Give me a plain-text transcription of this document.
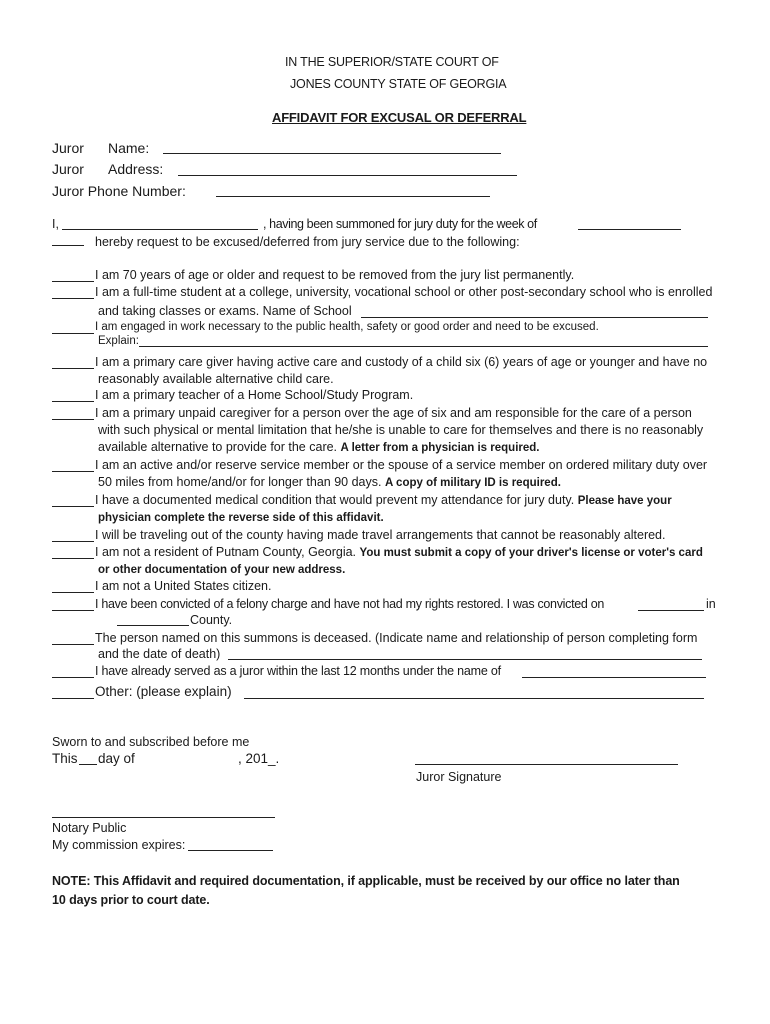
IN THE SUPERIOR/STATE COURT OF
JONES COUNTY STATE OF GEORGIA
AFFIDAVIT FOR EXCUSAL OR DEFERRAL
Juror Name:
Juror Address:
Juror Phone Number:
I,	, having been summoned for jury duty for the week of
hereby request to be excused/deferred from jury service due to the following:
I am 70 years of age or older and request to be removed from the jury list permanently.
I am a full-time student at a college, university, vocational school or other post-secondary school who is enrolled
and taking classes or exams. Name of School
I am engaged in work necessary to the public health, safety or good order and need to be excused.
Explain:
I am a primary care giver having active care and custody of a child six (6) years of age or younger and have no
reasonably available alternative child care.
I am a primary teacher of a Home School/Study Program.
I am a primary unpaid caregiver for a person over the age of six and am responsible for the care of a person
with such physical or mental limitation that he/she is unable to care for themselves and there is no reasonably
available alternative to provide for the care. A letter from a physician is required.
I am an active and/or reserve service member or the spouse of a service member on ordered military duty over
50 miles from home/and/or for longer than 90 days. A copy of military ID is required.
I have a documented medical condition that would prevent my attendance for jury duty. Please have your
physician complete the reverse side of this affidavit.
I will be traveling out of the county having made travel arrangements that cannot be reasonably altered.
I am not a resident of Putnam County, Georgia. You must submit a copy of your driver's license or voter's card
or other documentation of your new address.
I am not a United States citizen.
I have been convicted of a felony charge and have not had my rights restored. I was convicted on	in
County.
The person named on this summons is deceased. (Indicate name and relationship of person completing form
and the date of death)
I have already served as a juror within the last 12 months under the name of
Other: (please explain)
Sworn to and subscribed before me
This day of	, 201_.
Juror Signature
Notary Public
My commission expires:
NOTE: This Affidavit and required documentation, if applicable, must be received by our office no later than
10 days prior to court date.
